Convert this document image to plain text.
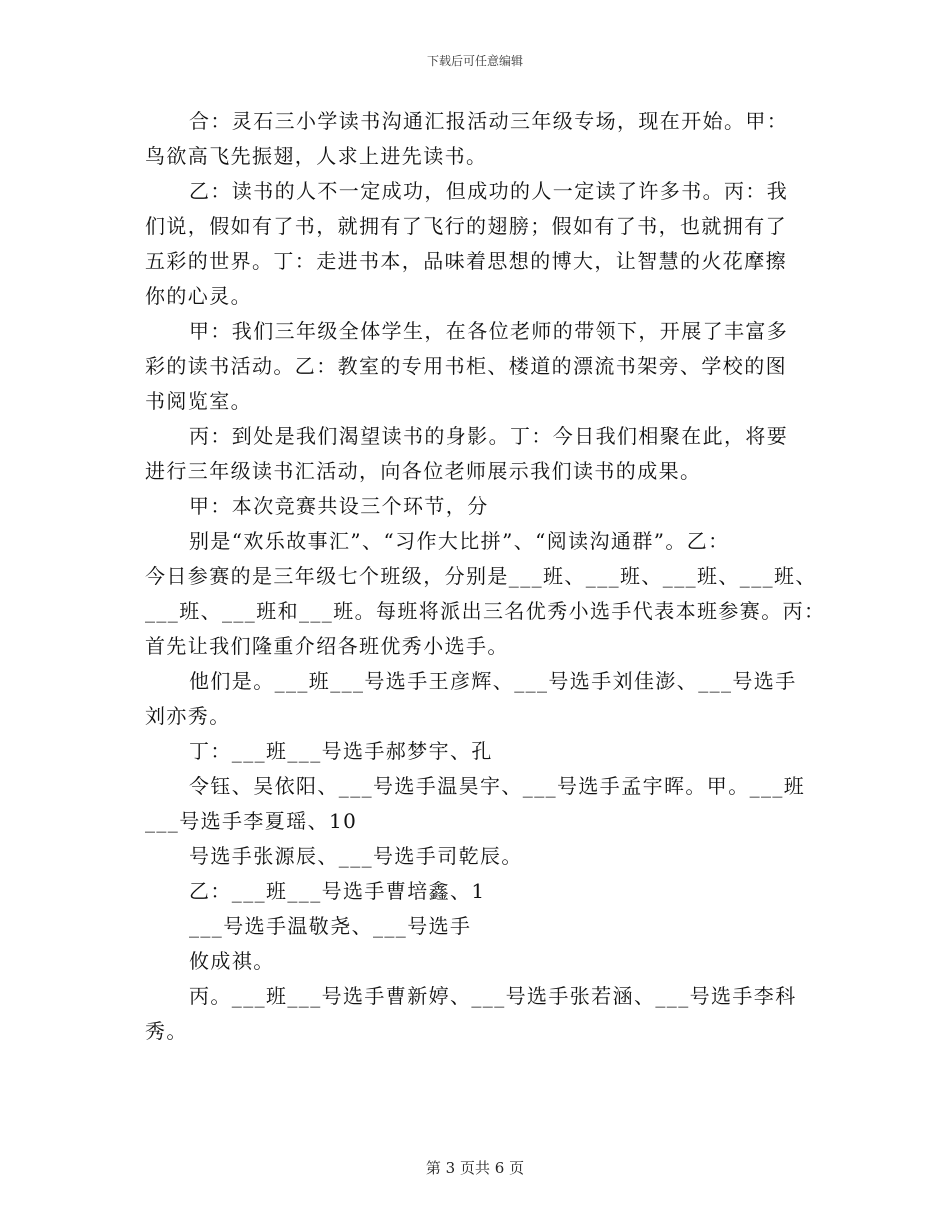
下载后可任意编辑
合：灵石三小学读书沟通汇报活动三年级专场，现在开始。甲：
鸟欲高飞先振翅，人求上进先读书。
乙：读书的人不一定成功，但成功的人一定读了许多书。丙：我
们说，假如有了书，就拥有了飞行的翅膀；假如有了书，也就拥有了
五彩的世界。丁：走进书本，品味着思想的博大，让智慧的火花摩擦
你的心灵。
甲：我们三年级全体学生，在各位老师的带领下，开展了丰富多
彩的读书活动。乙：教室的专用书柜、楼道的漂流书架旁、学校的图
书阅览室。
丙：到处是我们渴望读书的身影。丁：今日我们相聚在此，将要
进行三年级读书汇活动，向各位老师展示我们读书的成果。
甲：本次竞赛共设三个环节，分
别是“欢乐故事汇”、“习作大比拼”、“阅读沟通群”。乙：
今日参赛的是三年级七个班级，分别是___班、___班、___班、___班、
___班、___班和___班。每班将派出三名优秀小选手代表本班参赛。丙：
首先让我们隆重介绍各班优秀小选手。
他们是。___班___号选手王彦辉、___号选手刘佳澎、___号选手
刘亦秀。
丁：___班___号选手郝梦宇、孔
令钰、吴依阳、___号选手温昊宇、___号选手孟宇晖。甲。___班
___号选手李夏瑶、10
号选手张源辰、___号选手司乾辰。
乙：___班___号选手曹培鑫、1
___号选手温敬尧、___号选手
攸成祺。
丙。___班___号选手曹新婷、___号选手张若涵、___号选手李科
秀。
第 3 页共 6 页
